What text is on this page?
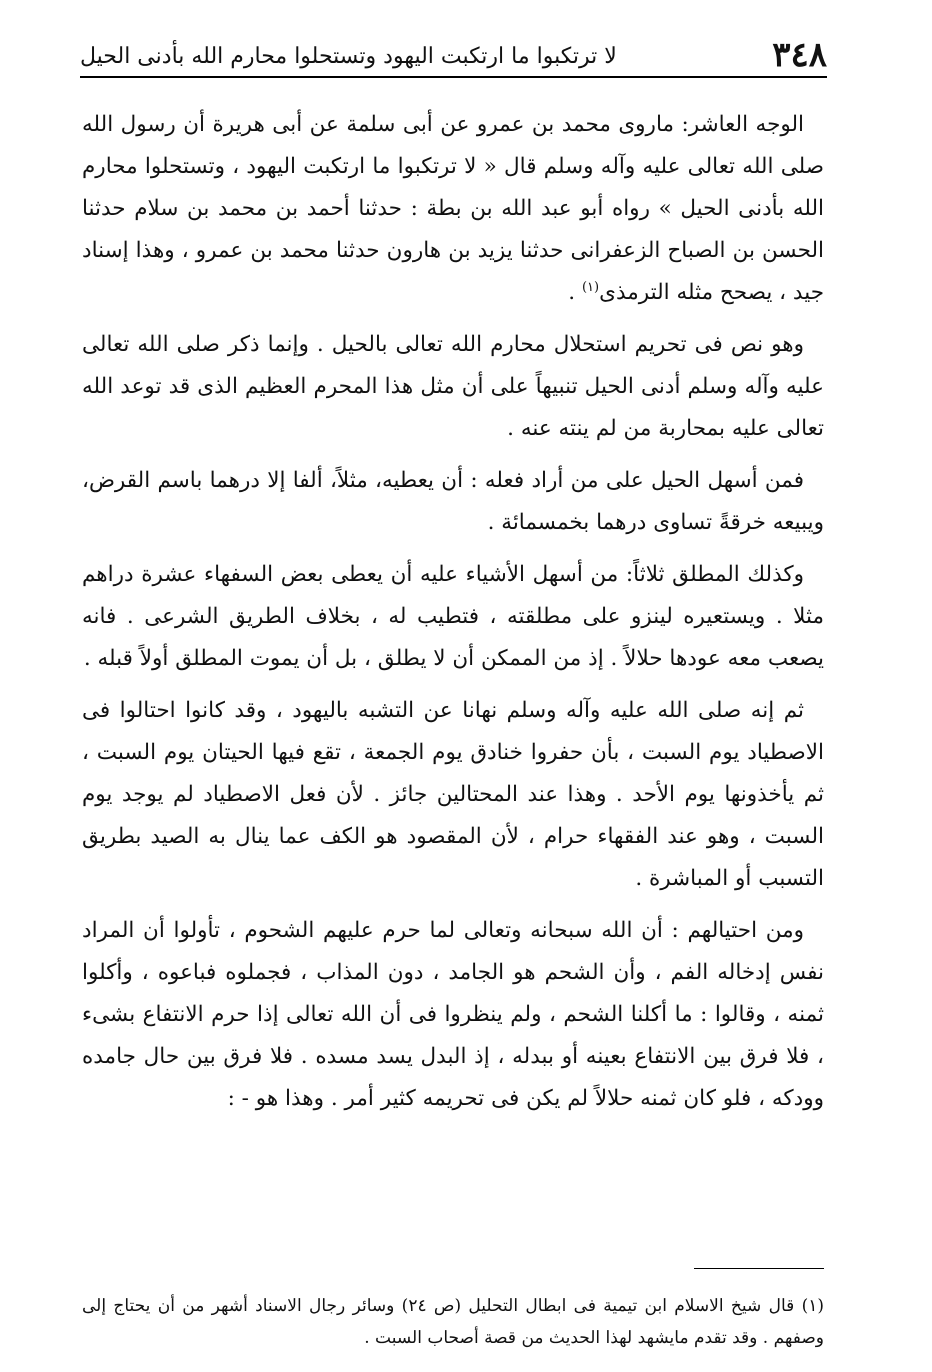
٣٤٨
لا ترتكبوا ما ارتكبت اليهود وتستحلوا محارم الله بأدنى الحيل

الوجه العاشر: ماروى محمد بن عمرو عن أبى سلمة عن أبى هريرة أن رسول الله صلى الله تعالى عليه وآله وسلم قال « لا ترتكبوا ما ارتكبت اليهود ، وتستحلوا محارم الله بأدنى الحيل » رواه أبو عبد الله بن بطة : حدثنا أحمد بن محمد بن سلام حدثنا الحسن بن الصباح الزعفرانى حدثنا يزيد بن هارون حدثنا محمد بن عمرو ، وهذا إسناد جيد ، يصحح مثله الترمذى$^{(١)}$ .

وهو نص فى تحريم استحلال محارم الله تعالى بالحيل . وإنما ذكر صلى الله تعالى عليه وآله وسلم أدنى الحيل تنبيهاً على أن مثل هذا المحرم العظيم الذى قد توعد الله تعالى عليه بمحاربة من لم ينته عنه .

فمن أسهل الحيل على من أراد فعله : أن يعطيه، مثلاً، ألفا إلا درهما باسم القرض، ويبيعه خرقةً تساوى درهما بخمسمائة .

وكذلك المطلق ثلاثاً: من أسهل الأشياء عليه أن يعطى بعض السفهاء عشرة دراهم مثلا . ويستعيره لينزو على مطلقته ، فتطيب له ، بخلاف الطريق الشرعى . فانه يصعب معه عودها حلالاً . إذ من الممكن أن لا يطلق ، بل أن يموت المطلق أولاً قبله .

ثم إنه صلى الله عليه وآله وسلم نهانا عن التشبه باليهود ، وقد كانوا احتالوا فى الاصطياد يوم السبت ، بأن حفروا خنادق يوم الجمعة ، تقع فيها الحيتان يوم السبت ، ثم يأخذونها يوم الأحد . وهذا عند المحتالين جائز . لأن فعل الاصطياد لم يوجد يوم السبت ، وهو عند الفقهاء حرام ، لأن المقصود هو الكف عما ينال به الصيد بطريق التسبب أو المباشرة .

ومن احتيالهم : أن الله سبحانه وتعالى لما حرم عليهم الشحوم ، تأولوا أن المراد نفس إدخاله الفم ، وأن الشحم هو الجامد ، دون المذاب ، فجملوه فباعوه ، وأكلوا ثمنه ، وقالوا : ما أكلنا الشحم ، ولم ينظروا فى أن الله تعالى إذا حرم الانتفاع بشىء ، فلا فرق بين الانتفاع بعينه أو ببدله ، إذ البدل يسد مسده . فلا فرق بين حال جامده وودكه ، فلو كان ثمنه حلالاً لم يكن فى تحريمه كثير أمر . وهذا هو - :

(١) قال شيخ الاسلام ابن تيمية فى ابطال التحليل (ص ٢٤) وسائر رجال الاسناد أشهر من أن يحتاج إلى وصفهم . وقد تقدم مايشهد لهذا الحديث من قصة أصحاب السبت .
